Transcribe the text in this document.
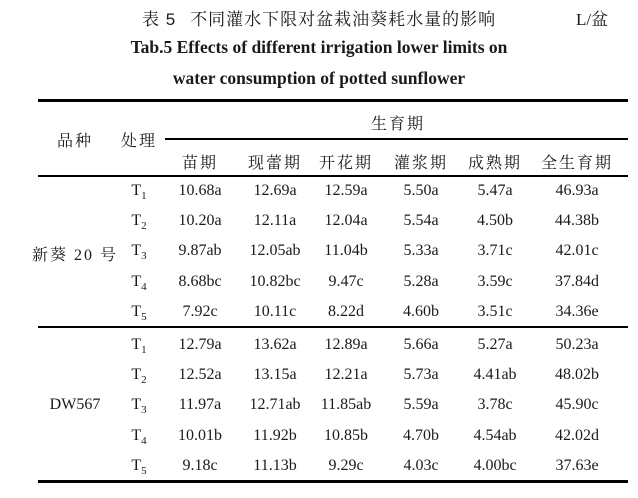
表 5 不同灌水下限对盆栽油葵耗水量的影响	L/盆
Tab.5 Effects of different irrigation lower limits on
water consumption of potted sunflower
品种 处理
生育期
苗期 现蕾期 开花期 灌浆期 成熟期 全生育期
新葵 20 号
$T_1$ 10.68a 12.69a 12.59a 5.50a 5.47a	46.93a
$T_2$ 10.20a 12.11a 12.04a 5.54a 4.50b	44.38b
$T_3$ 9.87ab 12.05ab 11.04b 5.33a 3.71c	42.01c
$T_4$ 8.68bc 10.82bc 9.47c 5.28a 3.59c	37.84d
$T_5$ 7.92c 10.11c 8.22d 4.60b 3.51c	34.36e
DW567
$T_1$ 12.79a 13.62a 12.89a 5.66a 5.27a	50.23a
$T_2$ 12.52a 13.15a 12.21a 5.73a 4.41ab 48.02b
$T_3$ 11.97a 12.71ab 11.85ab 5.59a 3.78c	45.90c
$T_4$ 10.01b 11.92b 10.85b 4.70b 4.54ab 42.02d
$T_5$ 9.18c 11.13b 9.29c 4.03c 4.00bc 37.63e
